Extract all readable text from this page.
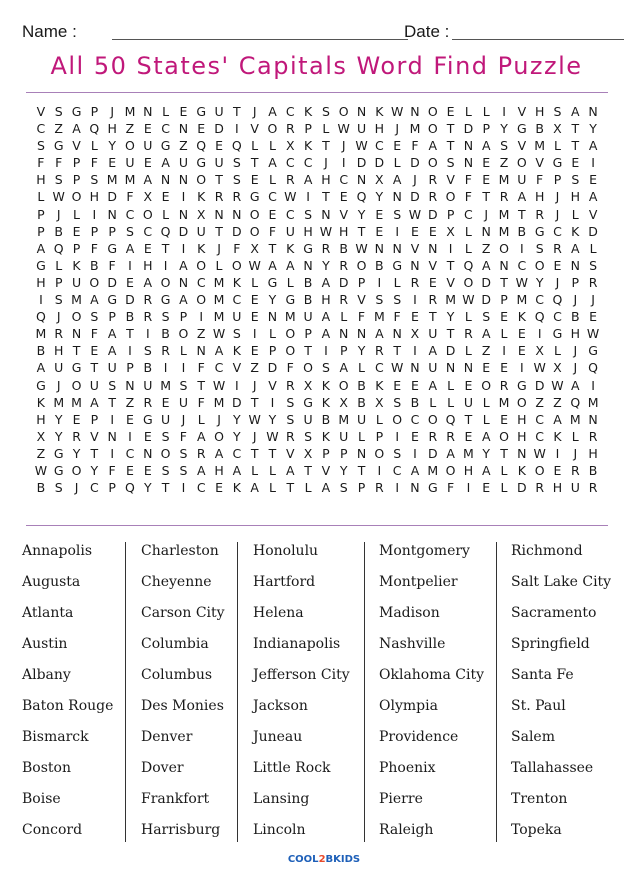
Name :	Date :
All 50 States' Capitals Word Find Puzzle
V S G P J M N L E G U T J A C K S O N K W N O E L L I V H S A N
C Z A Q H Z E C N E D I V O R P L W U H J M O T D P Y G B X T Y
S G V L Y O U G Z Q E Q L L X K T J W C E F A T N A S V M L T A
F F P F E U E A U G U S T A C C J	I D D L D O S N E Z O V G E I
H S P S M M A N N O T S E L R A H C N X A J R V F E M U F P S E
L W O H D F X E I K R R G C W I T E Q Y N D R O F T R A H J H A
P J L I N C O L N X N N O E C S N V Y E S W D P C J M T R J L V
P B E P P S C Q D U T D O F U H W H T E I E E X L N M B G C K D
A Q P F G A E T I K J F X T K G R B W N N V N I L Z O I S R A L
G L K B F I H I A O L O W A A N Y R O B G N V T Q A N C O E N S
H P U O D E A O N C M K L G L B A D P I L R E V O D T W Y J P R
I S M A G D R G A O M C E Y G B H R V S S I R M W D P M C Q J	J
Q J O S P B R S P I M U E N M U A L F M F E T Y L S E K Q C B E
M R N F A T I B O Z W S I L O P A N N A N X U T R A L E I G H W
B H T E A I S R L N A K E P O T I P Y R T I A D L Z I E X L J G
A U G T U P B I	I F C V Z D F O S A L C W N U N N E E I W X J Q
G J O U S N U M S T W I	J V R X K O B K E E A L E O R G D W A I
K M M A T Z R E U F M D T I S G K X B X S B L L U L M O Z Z Q M
H Y E P I E G U J L J Y W Y S U B M U L O C O Q T L E H C A M N
X Y R V N I E S F A O Y J W R S K U L P I E R R E A O H C K L R
Z G Y T I C N O S R A C T T V X P P N O S I D A M Y T N W I	J H
W G O Y F E E S S A H A L L A T V Y T I C A M O H A L K O E R B
B S J C P Q Y T I C E K A L T L A S P R I N G F I E L D R H U R
Annapolis
Augusta
Atlanta
Austin
Albany
Baton Rouge
Bismarck
Boston
Boise
Concord
Charleston
Cheyenne
Carson City
Columbia
Columbus
Des Monies
Denver
Dover
Frankfort
Harrisburg
Honolulu
Hartford
Helena
Indianapolis
Jefferson City
Jackson
Juneau
Little Rock
Lansing
Lincoln
Montgomery
Montpelier
Madison
Nashville
Oklahoma City
Olympia
Providence
Phoenix
Pierre
Raleigh
Richmond
Salt Lake City
Sacramento
Springfield
Santa Fe
St. Paul
Salem
Tallahassee
Trenton
Topeka
COOL2BKIDS
